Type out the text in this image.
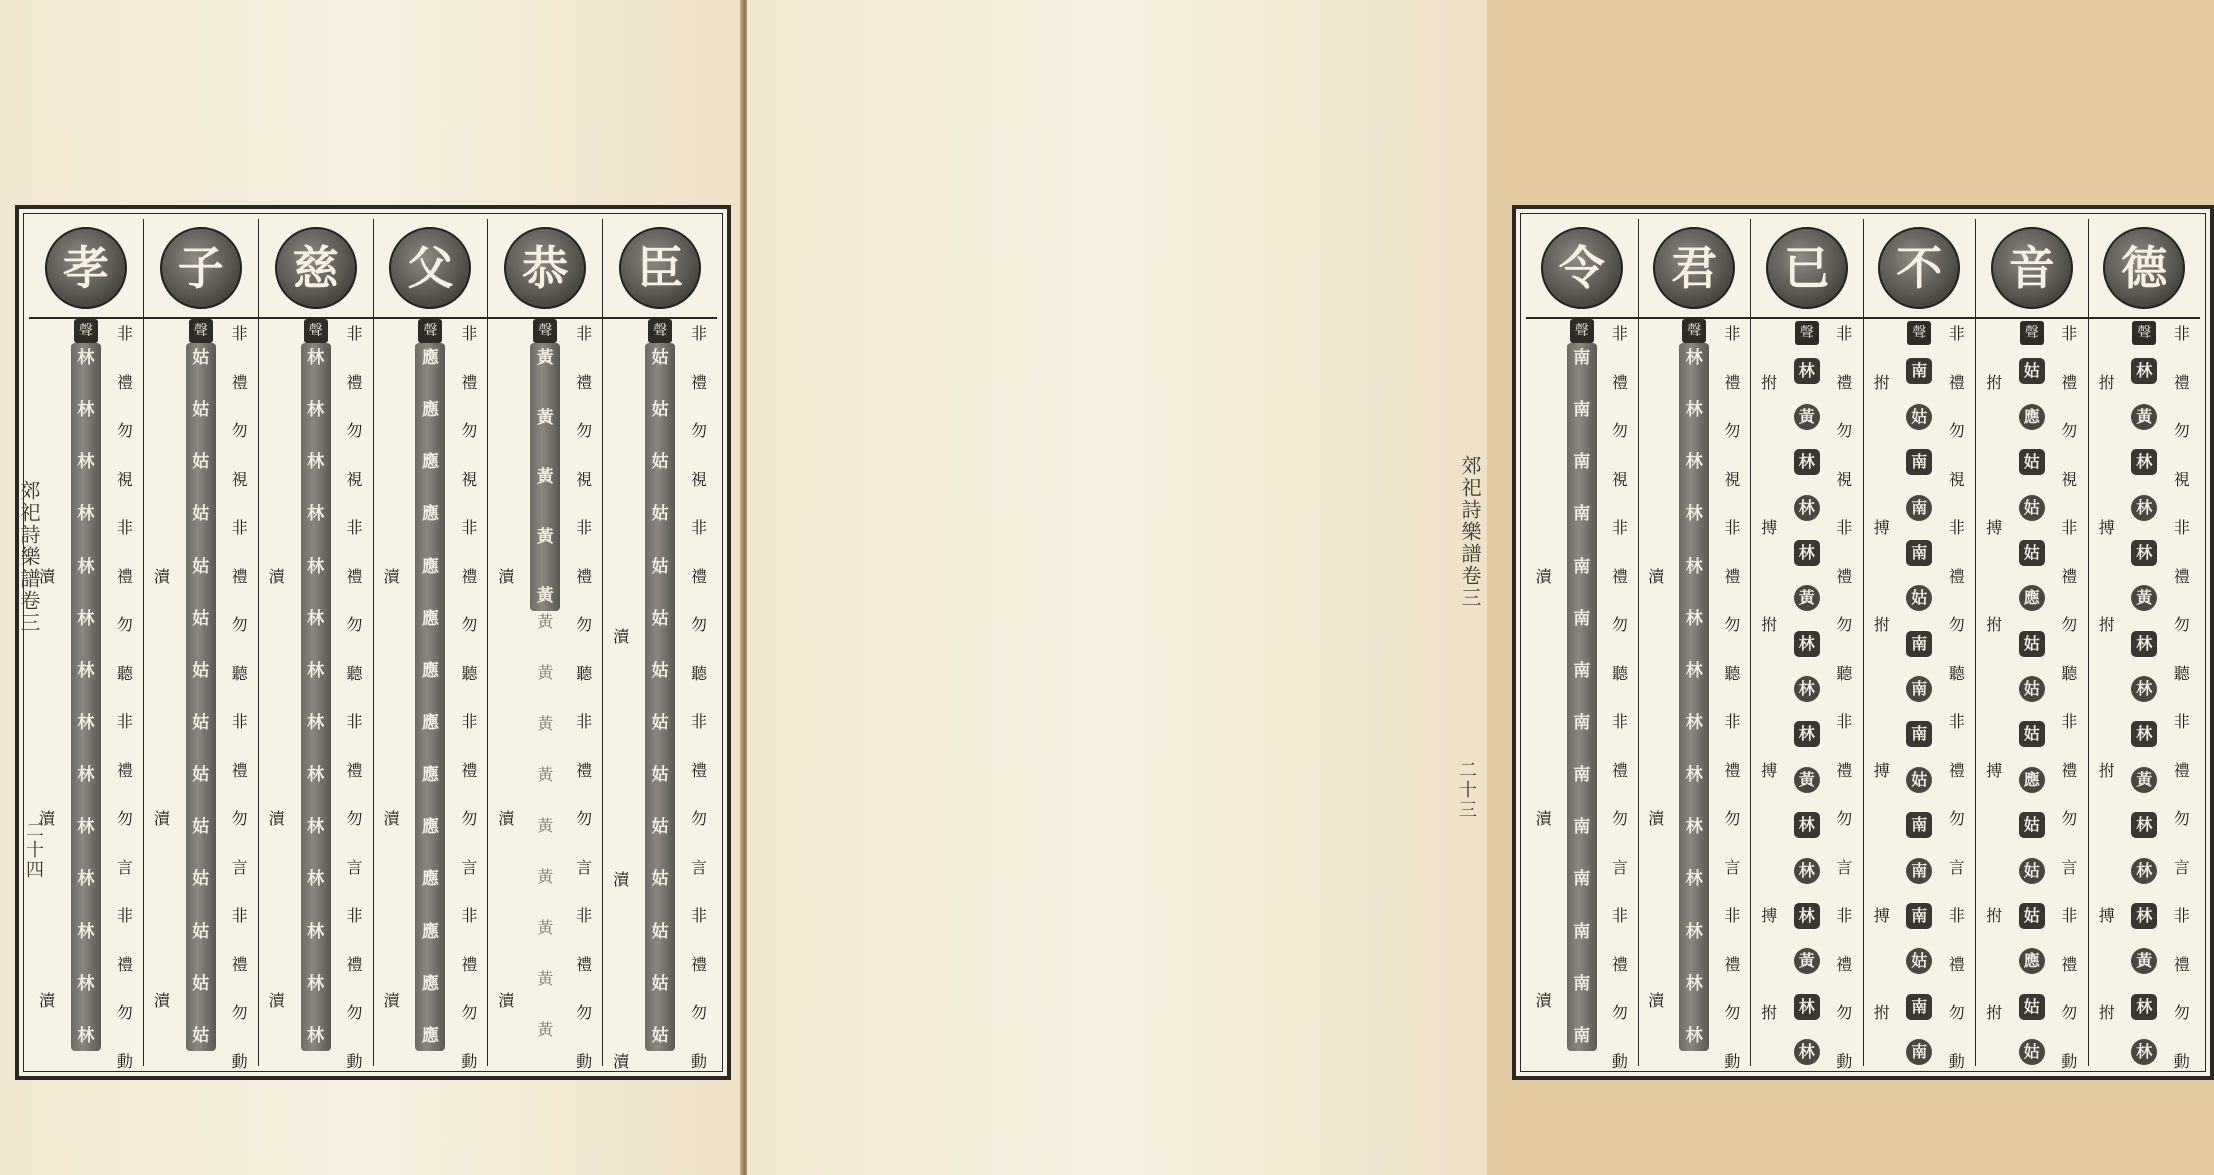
臣
恭
父
慈
子
孝
非
禮
勿
視
非
禮
勿
聽
非
禮
勿
言
非
禮
勿
動
聲
姑
姑
姑
姑
姑
姑
姑
姑
姑
姑
姑
姑
姑
姑

瀆

瀆

瀆
非
禮
勿
視
非
禮
勿
聽
非
禮
勿
言
非
禮
勿
動
聲
黃
黃
黃
黃
黃
黃
黃
黃
黃
黃
黃
黃
黃
黃

瀆

瀆

瀆

非
禮
勿
視
非
禮
勿
聽
非
禮
勿
言
非
禮
勿
動
聲
應
應
應
應
應
應
應
應
應
應
應
應
應
應

瀆

瀆

瀆

非
禮
勿
視
非
禮
勿
聽
非
禮
勿
言
非
禮
勿
動
聲
林
林
林
林
林
林
林
林
林
林
林
林
林
林

瀆

瀆

瀆

非
禮
勿
視
非
禮
勿
聽
非
禮
勿
言
非
禮
勿
動
聲
姑
姑
姑
姑
姑
姑
姑
姑
姑
姑
姑
姑
姑
姑

瀆

瀆

瀆

非
禮
勿
視
非
禮
勿
聽
非
禮
勿
言
非
禮
勿
動
聲
林
林
林
林
林
林
林
林
林
林
林
林
林
林

瀆

瀆

瀆

郊祀詩樂譜卷三
二十四
德
音
不
已
君
令
非
禮
勿
視
非
禮
勿
聽
非
禮
勿
言
非
禮
勿
動
聲
林
黃
林
林
林
黃
林
林
林
黃
林
林
林
黃
林
林

拊

搏

拊

拊

搏

拊

非
禮
勿
視
非
禮
勿
聽
非
禮
勿
言
非
禮
勿
動
聲
姑
應
姑
姑
姑
應
姑
姑
姑
應
姑
姑
姑
應
姑
姑

拊

搏

拊

搏

拊

拊

非
禮
勿
視
非
禮
勿
聽
非
禮
勿
言
非
禮
勿
動
聲
南
姑
南
南
南
姑
南
南
南
姑
南
南
南
姑
南
南

拊

搏

拊

搏

搏

拊

非
禮
勿
視
非
禮
勿
聽
非
禮
勿
言
非
禮
勿
動
聲
林
黃
林
林
林
黃
林
林
林
黃
林
林
林
黃
林
林

拊

搏

拊

搏

搏

拊

非
禮
勿
視
非
禮
勿
聽
非
禮
勿
言
非
禮
勿
動
聲
林
林
林
林
林
林
林
林
林
林
林
林
林
林

瀆

瀆

瀆

非
禮
勿
視
非
禮
勿
聽
非
禮
勿
言
非
禮
勿
動
聲
南
南
南
南
南
南
南
南
南
南
南
南
南
南

瀆

瀆

瀆

郊祀詩樂譜卷三
二十三
